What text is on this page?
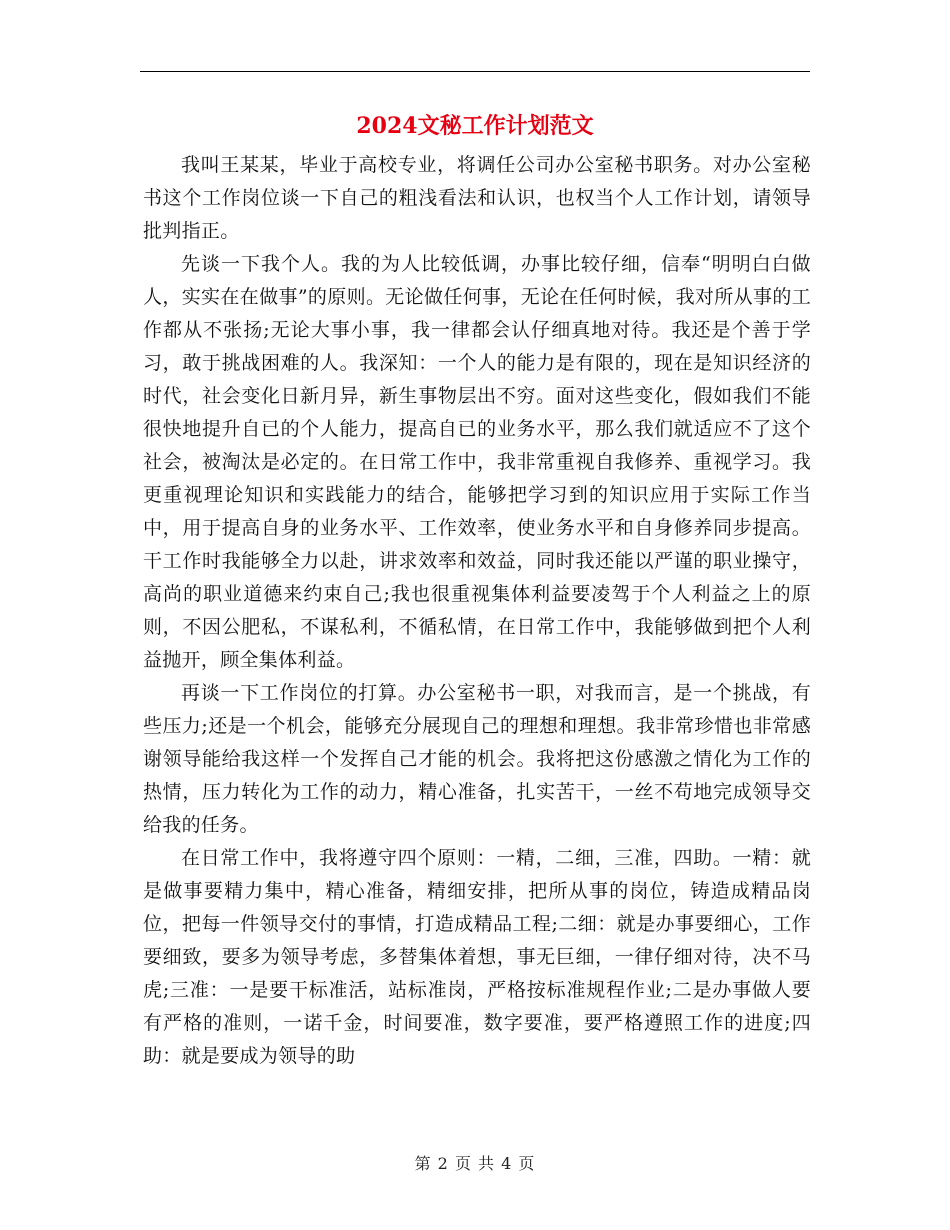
2024文秘工作计划范文

我叫王某某，毕业于高校专业，将调任公司办公室秘书职务。对办公室秘书这个工作岗位谈一下自己的粗浅看法和认识，也权当个人工作计划，请领导批判指正。

先谈一下我个人。我的为人比较低调，办事比较仔细，信奉“明明白白做人，实实在在做事”的原则。无论做任何事，无论在任何时候，我对所从事的工作都从不张扬;无论大事小事，我一律都会认仔细真地对待。我还是个善于学习，敢于挑战困难的人。我深知：一个人的能力是有限的，现在是知识经济的时代，社会变化日新月异，新生事物层出不穷。面对这些变化，假如我们不能很快地提升自已的个人能力，提高自已的业务水平，那么我们就适应不了这个社会，被淘汰是必定的。在日常工作中，我非常重视自我修养、重视学习。我更重视理论知识和实践能力的结合，能够把学习到的知识应用于实际工作当中，用于提高自身的业务水平、工作效率，使业务水平和自身修养同步提高。干工作时我能够全力以赴，讲求效率和效益，同时我还能以严谨的职业操守，高尚的职业道德来约束自己;我也很重视集体利益要凌驾于个人利益之上的原则，不因公肥私，不谋私利，不循私情，在日常工作中，我能够做到把个人利益抛开，顾全集体利益。

再谈一下工作岗位的打算。办公室秘书一职，对我而言，是一个挑战，有些压力;还是一个机会，能够充分展现自己的理想和理想。我非常珍惜也非常感谢领导能给我这样一个发挥自己才能的机会。我将把这份感激之情化为工作的热情，压力转化为工作的动力，精心准备，扎实苦干，一丝不苟地完成领导交给我的任务。

在日常工作中，我将遵守四个原则：一精，二细，三准，四助。一精：就是做事要精力集中，精心准备，精细安排，把所从事的岗位，铸造成精品岗位，把每一件领导交付的事情，打造成精品工程;二细：就是办事要细心，工作要细致，要多为领导考虑，多替集体着想，事无巨细，一律仔细对待，决不马虎;三准：一是要干标准活，站标准岗，严格按标准规程作业;二是办事做人要有严格的准则，一诺千金，时间要准，数字要准，要严格遵照工作的进度;四助：就是要成为领导的助

第 2 页 共 4 页
